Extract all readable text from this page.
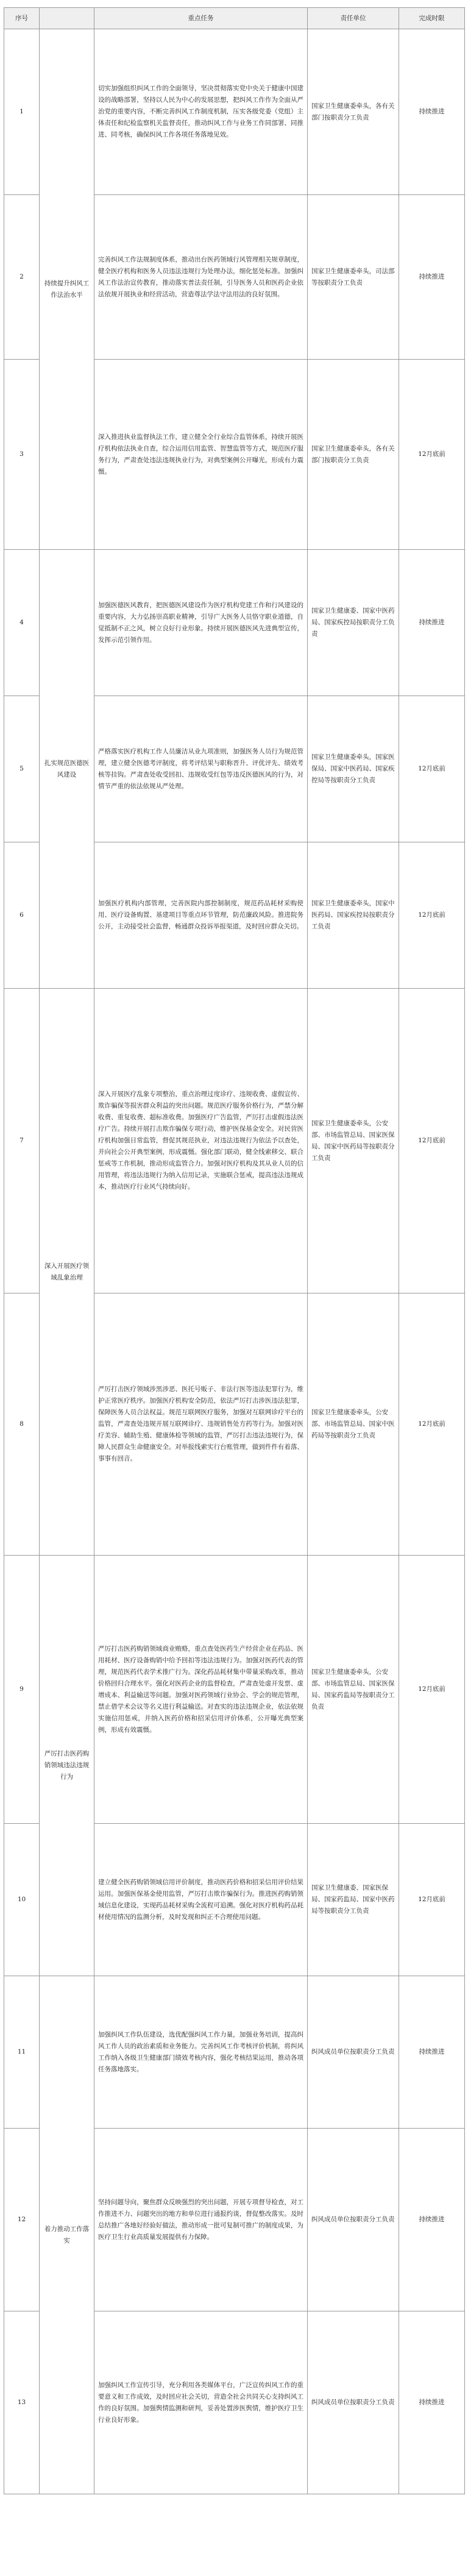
序号		重点任务	责任单位	完成时限
1	持续提升纠风工作法治水平	切实加强组织纠风工作的全面领导，坚决贯彻落实党中央关于健康中国建设的战略部署，坚持以人民为中心的发展思想，把纠风工作作为全面从严治党的重要内容，不断完善纠风工作制度机制，压实各级党委（党组）主体责任和纪检监察机关监督责任，推动纠风工作与业务工作同部署、同推进、同考核，确保纠风工作各项任务落地见效。	国家卫生健康委牵头，各有关部门按职责分工负责	持续推进
2		完善纠风工作法规制度体系，推动出台医药领域行风管理相关规章制度，健全医疗机构和医务人员违法违规行为处理办法，细化惩处标准。加强纠风工作法治宣传教育，推动落实普法责任制，引导医务人员和医药企业依法依规开展执业和经营活动，营造尊法学法守法用法的良好氛围。	国家卫生健康委牵头，司法部等按职责分工负责	持续推进
3		深入推进执业监督执法工作，建立健全全行业综合监管体系，持续开展医疗机构依法执业自查，综合运用信用监管、智慧监管等方式，规范医疗服务行为，严肃查处违法违规执业行为，对典型案例公开曝光，形成有力震慑。	国家卫生健康委牵头，各有关部门按职责分工负责	12月底前
4	扎实规范医德医风建设	加强医德医风教育，把医德医风建设作为医疗机构党建工作和行风建设的重要内容，大力弘扬崇高职业精神，引导广大医务人员恪守职业道德，自觉抵制不正之风，树立良好行业形象。持续开展医德医风先进典型宣传，发挥示范引领作用。	国家卫生健康委、国家中医药局、国家疾控局按职责分工负责	持续推进
5		严格落实医疗机构工作人员廉洁从业九项准则，加强医务人员行为规范管理，建立健全医德考评制度，将考评结果与职称晋升、评优评先、绩效考核等挂钩。严肃查处收受回扣、违规收受红包等违反医德医风的行为，对情节严重的依法依规从严处理。	国家卫生健康委牵头，国家医保局、国家中医药局、国家疾控局等按职责分工负责	12月底前
6		加强医疗机构内部管理，完善医院内部控制制度，规范药品耗材采购使用、医疗设备购置、基建项目等重点环节管理，防范廉政风险。推进院务公开，主动接受社会监督，畅通群众投诉举报渠道，及时回应群众关切。	国家卫生健康委牵头，国家中医药局、国家疾控局按职责分工负责	12月底前
7	深入开展医疗领域乱象治理	深入开展医疗乱象专项整治，重点治理过度诊疗、违规收费、虚假宣传、欺诈骗保等损害群众利益的突出问题。规范医疗服务价格行为，严禁分解收费、重复收费、超标准收费。加强医疗广告监管，严厉打击虚假违法医疗广告。持续开展打击欺诈骗保专项行动，维护医保基金安全。对民营医疗机构加强日常监管，督促其规范执业，对违法违规行为依法予以查处，并向社会公开典型案例，形成震慑。强化部门联动，健全线索移交、联合惩戒等工作机制，推动形成监管合力。加强对医疗机构及其从业人员的信用管理，将违法违规行为纳入信用记录，实施联合惩戒，提高违法违规成本，推动医疗行业风气持续向好。	国家卫生健康委牵头，公安部、市场监管总局、国家医保局、国家中医药局等按职责分工负责	12月底前
8		严厉打击医疗领域涉黑涉恶、医托号贩子、非法行医等违法犯罪行为，维护正常医疗秩序。加强医疗机构安全防范，依法严厉打击涉医违法犯罪，保障医务人员合法权益。规范互联网医疗服务，加强对互联网诊疗平台的监管，严肃查处违规开展互联网诊疗、违规销售处方药等行为。加强对医疗美容、辅助生殖、健康体检等领域的监管，严厉打击违法违规行为，保障人民群众生命健康安全。对举报线索实行台账管理，做到件件有着落、事事有回音。	国家卫生健康委牵头，公安部、市场监管总局、国家中医药局等按职责分工负责	12月底前
9	严厉打击医药购销领域违法违规行为	严厉打击医药购销领域商业贿赂，重点查处医药生产经营企业在药品、医用耗材、医疗设备购销中给予回扣等违法违规行为。加强对医药代表的管理，规范医药代表学术推广行为。深化药品耗材集中带量采购改革，推动价格回归合理水平。强化对医药企业的监督检查，严肃查处虚开发票、虚增成本、利益输送等问题。加强对医药领域行业协会、学会的规范管理，禁止借学术会议等名义进行利益输送。对查实的违法违规企业，依法依规实施信用惩戒，并纳入医药价格和招采信用评价体系，公开曝光典型案例，形成有效震慑。	国家卫生健康委牵头，公安部、市场监管总局、国家医保局、国家药监局等按职责分工负责	12月底前
10		建立健全医药购销领域信用评价制度，推动医药价格和招采信用评价结果运用。加强医保基金使用监管，严厉打击欺诈骗保行为。推进医药购销领域信息化建设，实现药品耗材采购全流程可追溯。强化对医疗机构药品耗材使用情况的监测分析，及时发现和纠正不合理使用问题。	国家卫生健康委、国家医保局、国家药监局、国家中医药局等按职责分工负责	12月底前
11	着力推动工作落实	加强纠风工作队伍建设，选优配强纠风工作力量，加强业务培训，提高纠风工作人员的政治素质和业务能力。完善纠风工作考核评价机制，将纠风工作纳入各级卫生健康部门绩效考核内容，强化考核结果运用，推动各项任务落地落实。	纠风成员单位按职责分工负责	持续推进
12		坚持问题导向，聚焦群众反映强烈的突出问题，开展专项督导检查，对工作推进不力、问题突出的地方和单位进行通报约谈，督促整改落实。及时总结推广各地好经验好做法，推动形成一批可复制可推广的制度成果，为医疗卫生行业高质量发展提供有力保障。	纠风成员单位按职责分工负责	持续推进
13		加强纠风工作宣传引导，充分利用各类媒体平台，广泛宣传纠风工作的重要意义和工作成效，及时回应社会关切，营造全社会共同关心支持纠风工作的良好氛围。加强舆情监测和研判，妥善处置涉医舆情，维护医疗卫生行业良好形象。	纠风成员单位按职责分工负责	持续推进
